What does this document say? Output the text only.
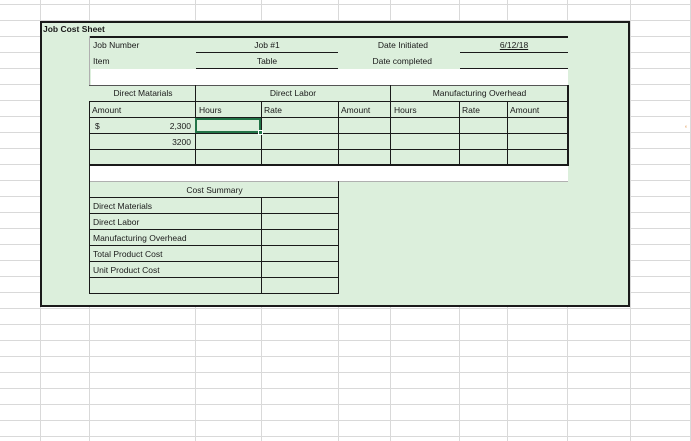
Job Cost Sheet
Job Number	Job #1	Date Initiated	6/12/18
Item	Table	Date completed
Direct Matarials	Direct Labor	Manufacturing Overhead
Amount	Hours	Rate	Amount	Hours	Rate	Amount
$	2,300
3200
Cost Summary
Direct Materials
Direct Labor
Manufacturing Overhead
Total Product Cost
Unit Product Cost
‘
